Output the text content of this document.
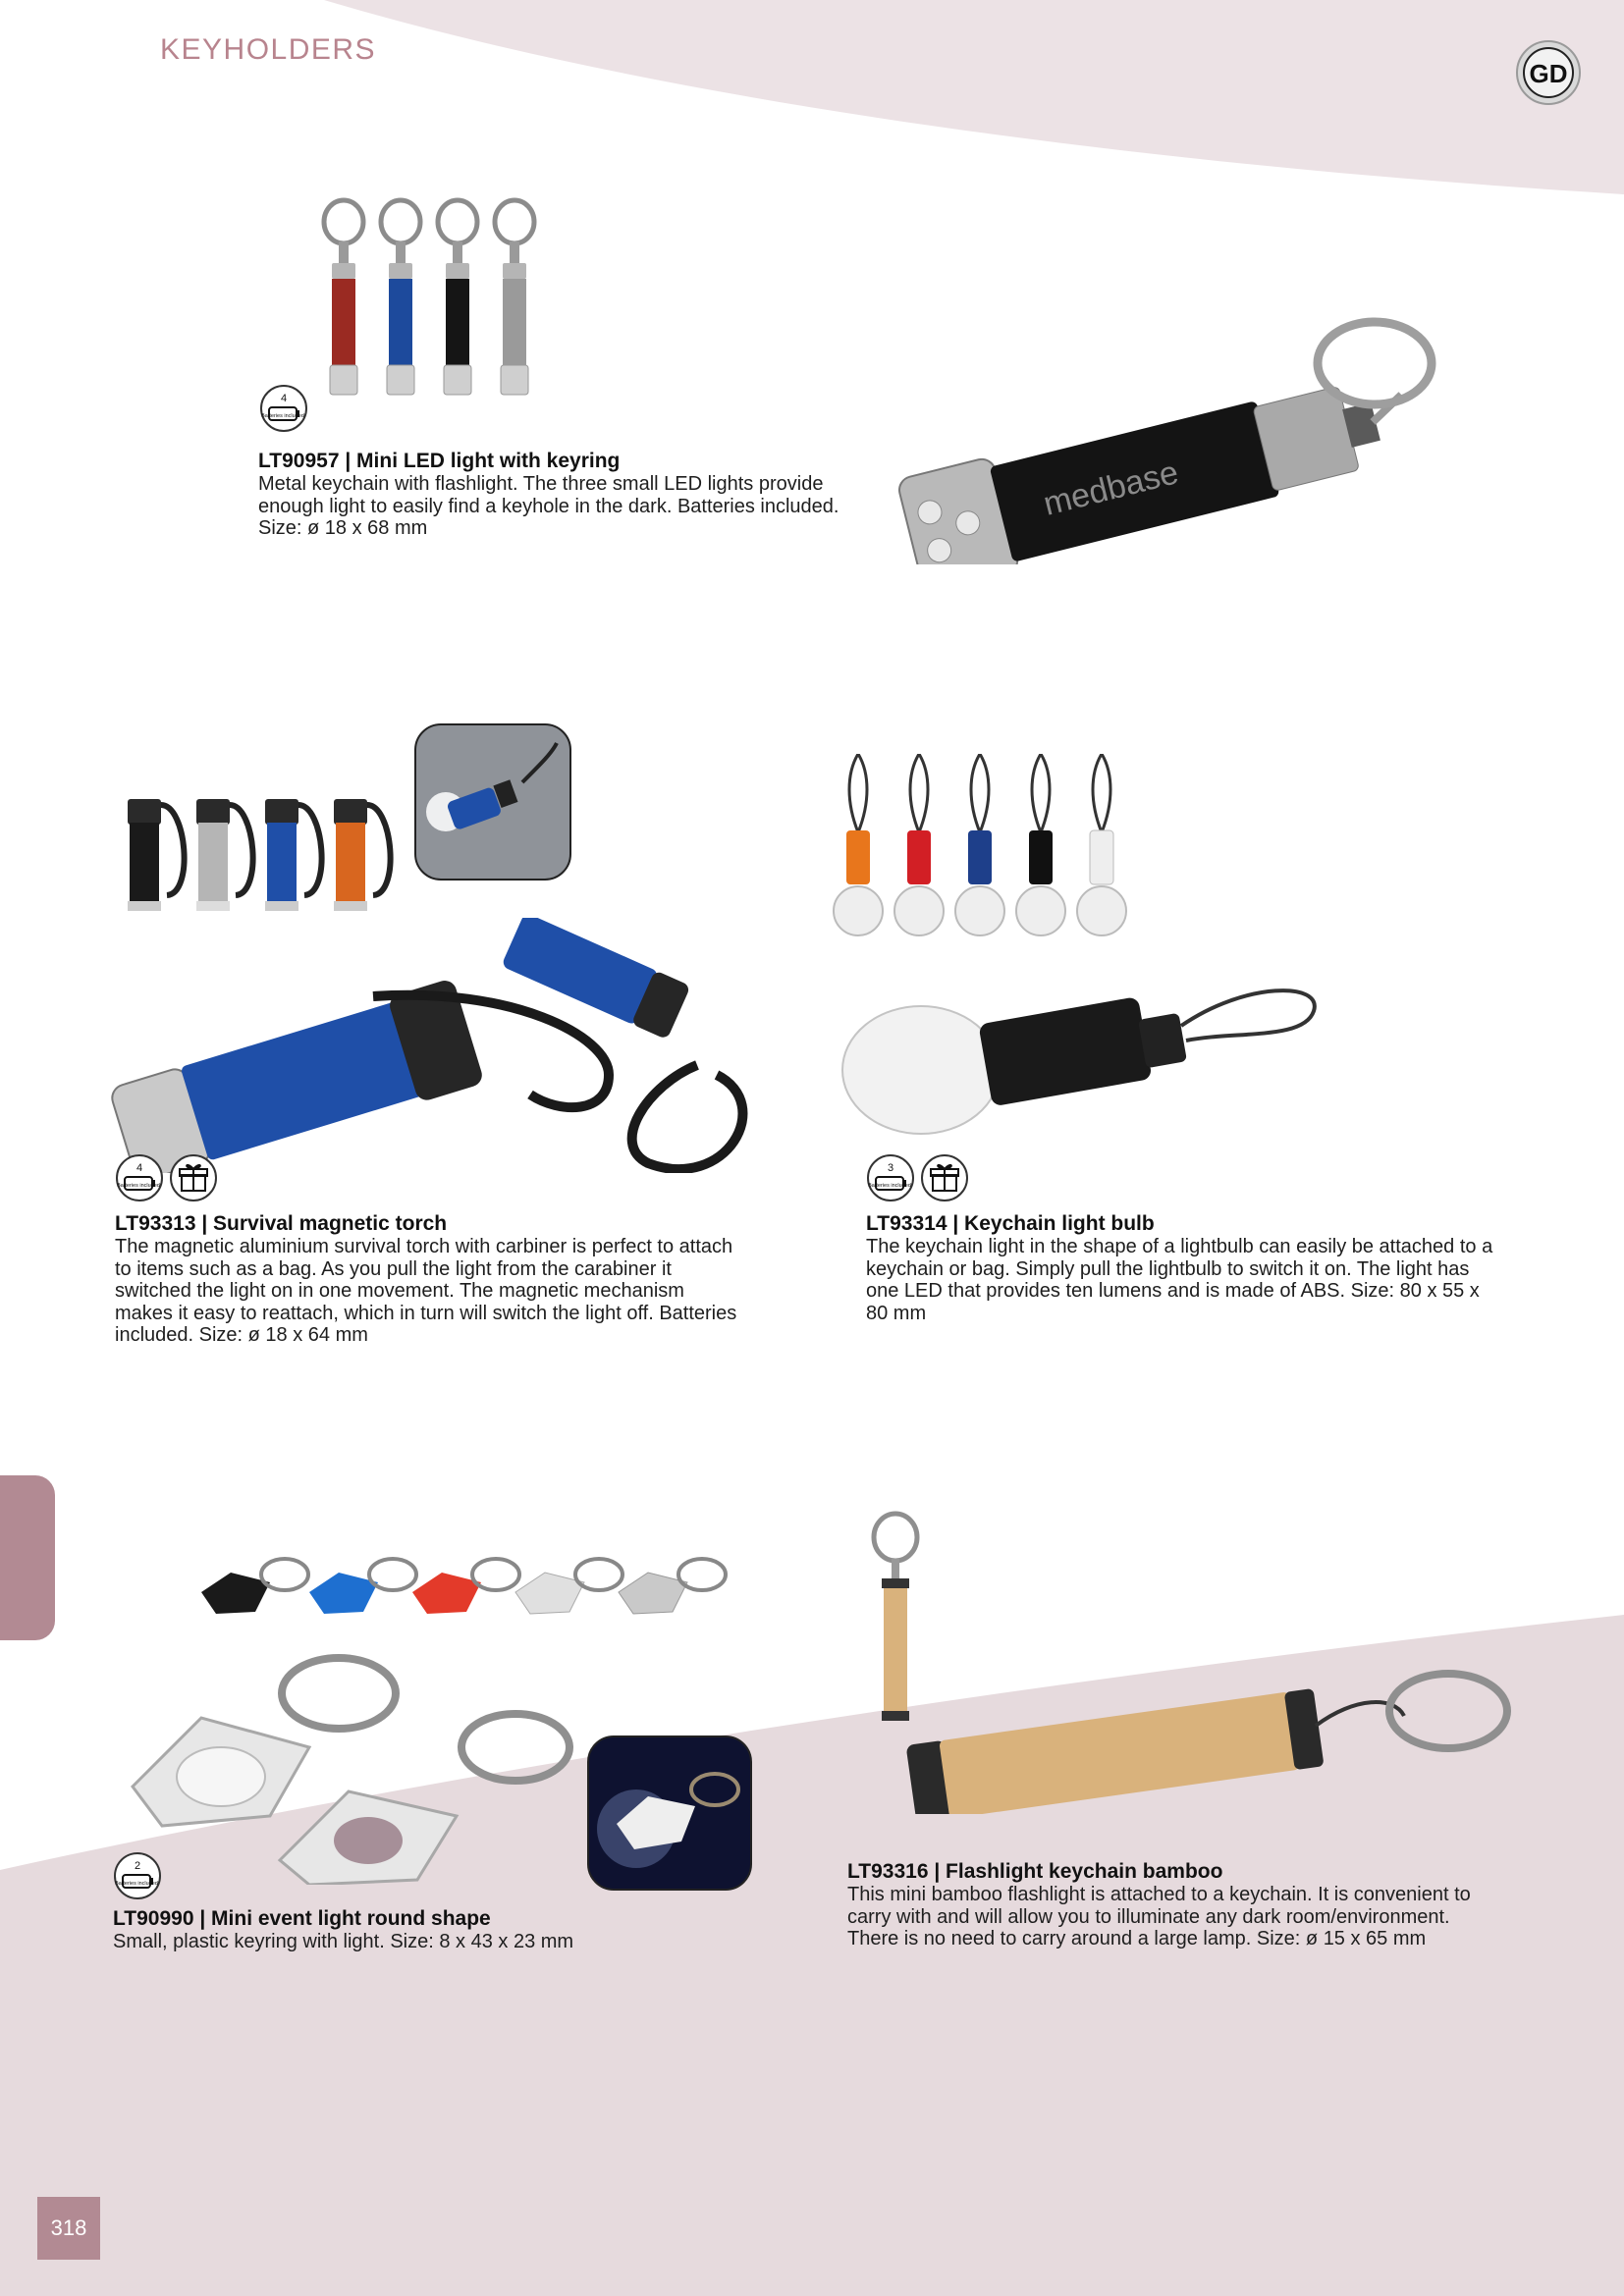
KEYHOLDERS
GD
medbase
4
Batteries included
LT90957 | Mini LED light with keyring
Metal keychain with flashlight. The three small LED lights provide enough light to easily find a keyhole in the dark. Batteries included. Size: ø 18 x 68 mm
4
Batteries included
LT93313 | Survival magnetic torch
The magnetic aluminium survival torch with carbiner is perfect to attach to items such as a bag. As you pull the light from the carabiner it switched the light on in one movement. The magnetic mechanism makes it easy to reattach, which in turn will switch the light off. Batteries included. Size: ø 18 x 64 mm
3
Batteries included
LT93314 | Keychain light bulb
The keychain light in the shape of a lightbulb can easily be attached to a keychain or bag. Simply pull the lightbulb to switch it on. The light has one LED that provides ten lumens and is made of ABS. Size: 80 x 55 x 80 mm
2
Batteries included
LT90990 | Mini event light round shape
Small, plastic keyring with light. Size: 8 x 43 x 23 mm
LT93316 | Flashlight keychain bamboo
This mini bamboo flashlight is attached to a keychain. It is convenient to carry with and will allow you to illuminate any dark room/environment. There is no need to carry around a large lamp. Size: ø 15 x 65 mm
318
